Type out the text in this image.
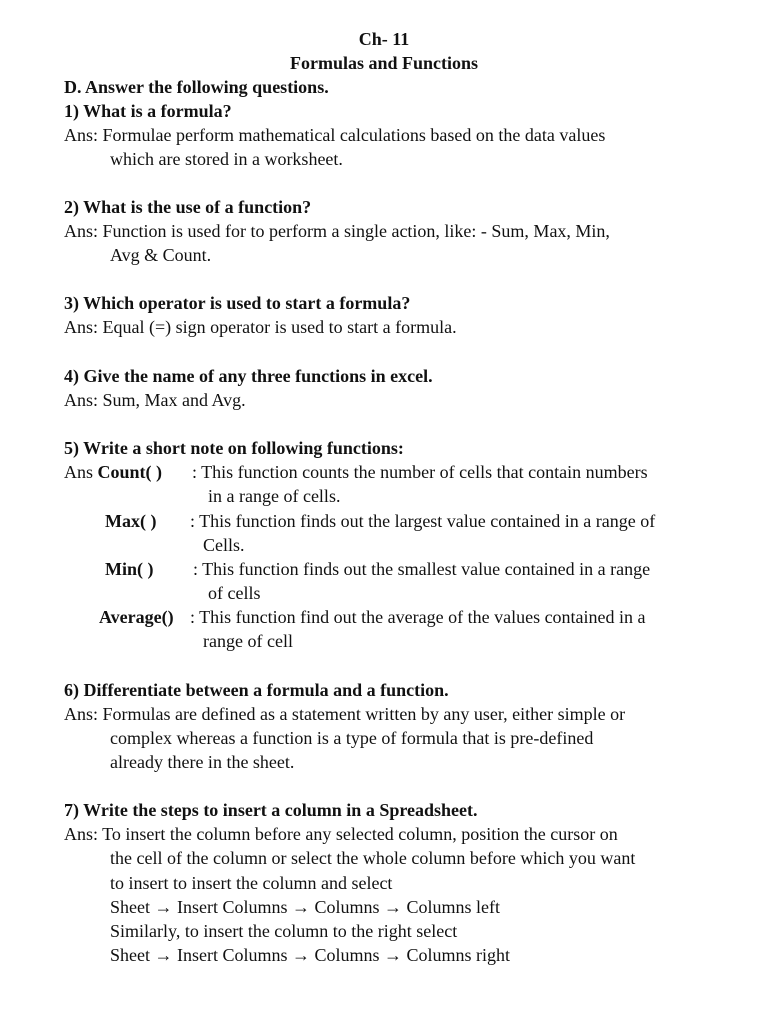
Ch- 11
Formulas and Functions
D. Answer the following questions.
1) What is a formula?
Ans: Formulae perform mathematical calculations based on the data values
which are stored in a worksheet.
2) What is the use of a function?
Ans: Function is used for to perform a single action, like: - Sum, Max, Min,
Avg & Count.
3) Which operator is used to start a formula?
Ans: Equal (=) sign operator is used to start a formula.
4) Give the name of any three functions in excel.
Ans: Sum, Max and Avg.
5) Write a short note on following functions:
Ans Count( ) : This function counts the number of cells that contain numbers
in a range of cells.
Max( ) : This function finds out the largest value contained in a range of
Cells.
Min( ) : This function finds out the smallest value contained in a range
of cells
Average() : This function find out the average of the values contained in a
range of cell
6) Differentiate between a formula and a function.
Ans: Formulas are defined as a statement written by any user, either simple or
complex whereas a function is a type of formula that is pre-defined
already there in the sheet.
7) Write the steps to insert a column in a Spreadsheet.
Ans: To insert the column before any selected column, position the cursor on
the cell of the column or select the whole column before which you want
to insert to insert the column and select
Sheet → Insert Columns → Columns → Columns left
Similarly, to insert the column to the right select
Sheet → Insert Columns → Columns → Columns right
